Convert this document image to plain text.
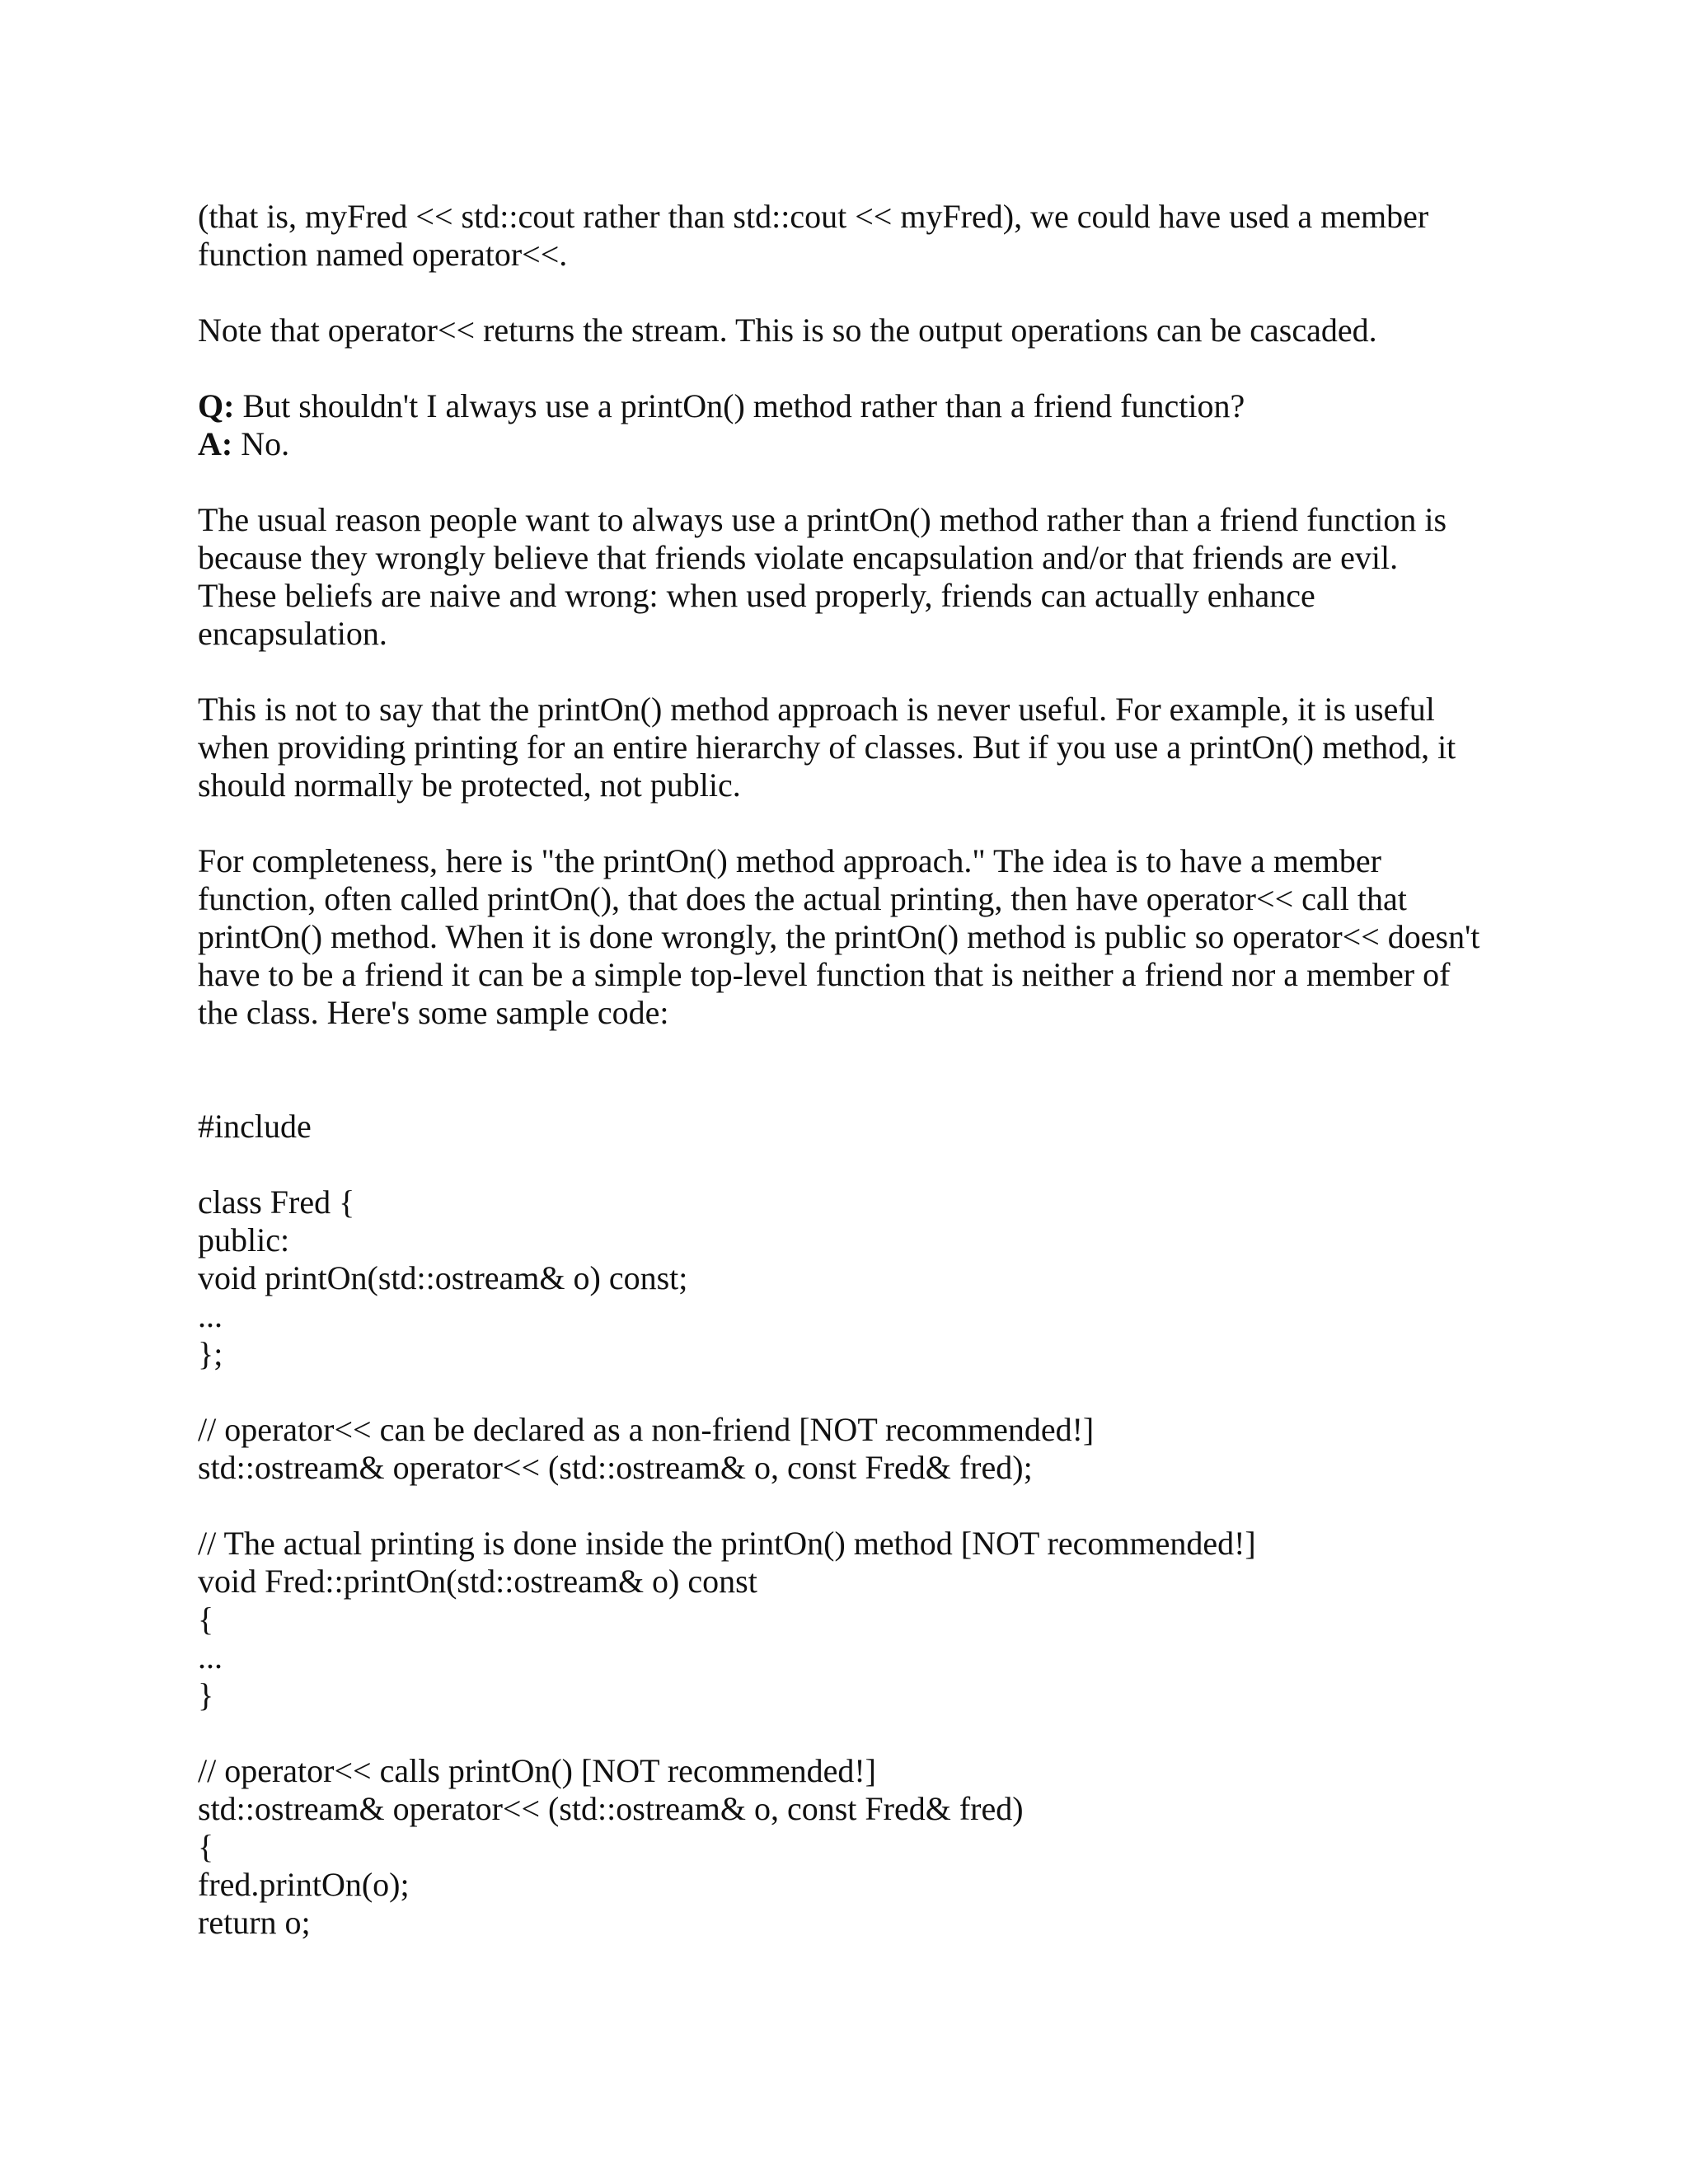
(that is, myFred << std::cout rather than std::cout << myFred), we could have used a member
function named operator<<.

Note that operator<< returns the stream. This is so the output operations can be cascaded.

Q: But shouldn't I always use a printOn() method rather than a friend function?
A: No.

The usual reason people want to always use a printOn() method rather than a friend function is
because they wrongly believe that friends violate encapsulation and/or that friends are evil.
These beliefs are naive and wrong: when used properly, friends can actually enhance
encapsulation.

This is not to say that the printOn() method approach is never useful. For example, it is useful
when providing printing for an entire hierarchy of classes. But if you use a printOn() method, it
should normally be protected, not public.

For completeness, here is "the printOn() method approach." The idea is to have a member
function, often called printOn(), that does the actual printing, then have operator<< call that
printOn() method. When it is done wrongly, the printOn() method is public so operator<< doesn't
have to be a friend it can be a simple top-level function that is neither a friend nor a member of
the class. Here's some sample code:

#include
class Fred {
public:
void printOn(std::ostream& o) const;
...
};
// operator<< can be declared as a non-friend [NOT recommended!]
std::ostream& operator<< (std::ostream& o, const Fred& fred);
// The actual printing is done inside the printOn() method [NOT recommended!]
void Fred::printOn(std::ostream& o) const
{
...
}
// operator<< calls printOn() [NOT recommended!]
std::ostream& operator<< (std::ostream& o, const Fred& fred)
{
fred.printOn(o);
return o;
